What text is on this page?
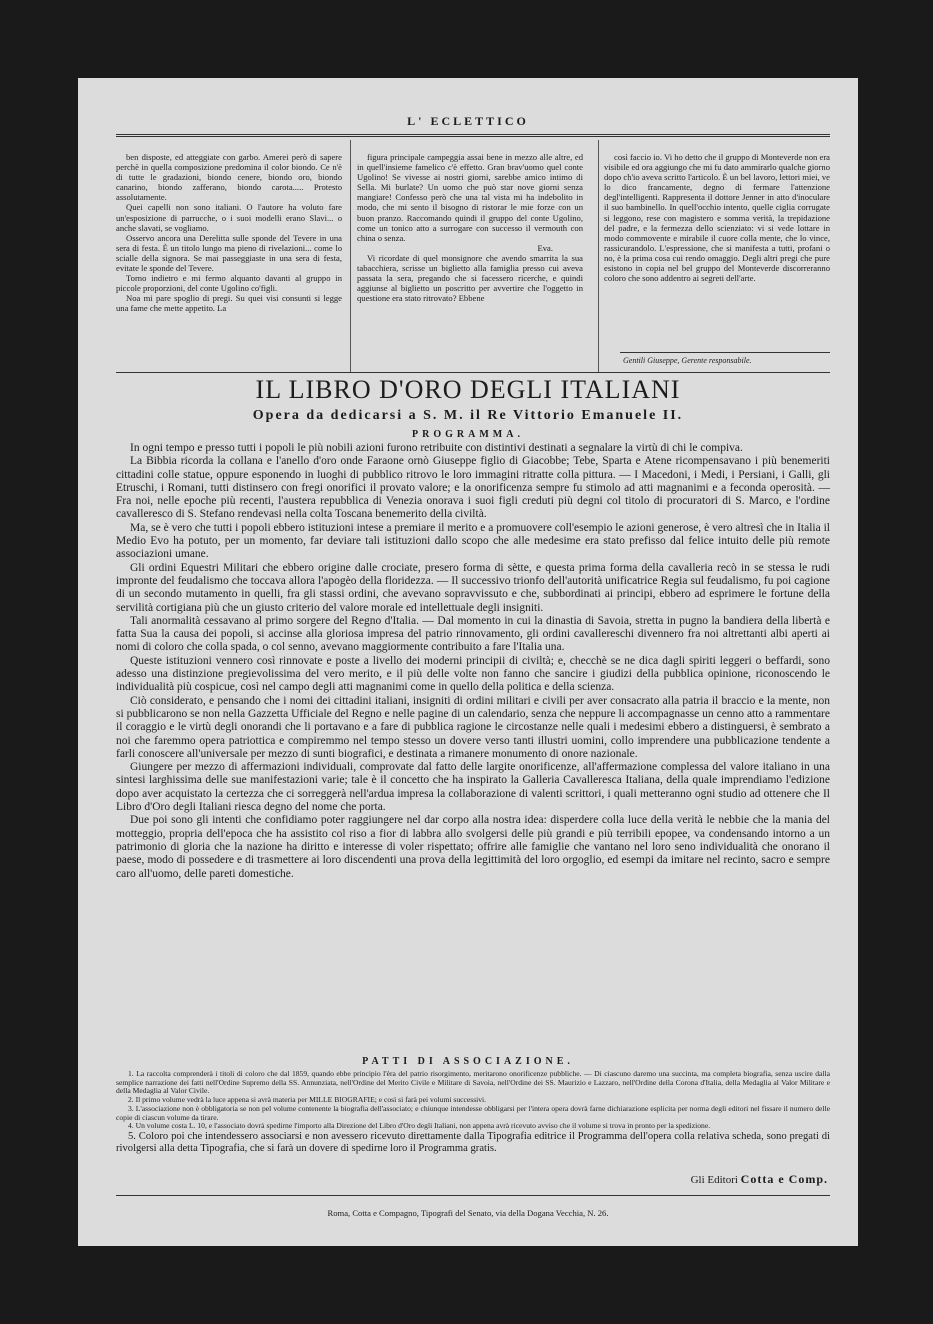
L' ECLETTICO

ben disposte, ed atteggiate con garbo. Amerei però di sapere perchè in quella composizione predomina il color biondo. Ce n'è di tutte le gradazioni, biondo cenere, biondo oro, biondo canarino, biondo zafferano, biondo carota..... Protesto assolutamente.

Quei capelli non sono italiani. O l'autore ha voluto fare un'esposizione di parrucche, o i suoi modelli erano Slavi... o anche slavati, se vogliamo.

Osservo ancora una Derelitta sulle sponde del Tevere in una sera di festa. È un titolo lungo ma pieno di rivelazioni... come lo scialle della signora. Se mai passeggiaste in una sera di festa, evitate le sponde del Tevere.

Torno indietro e mi fermo alquanto davanti al gruppo in piccole proporzioni, del conte Ugolino co'figli.

Noa mi pare spoglio di pregi. Su quei visi consunti si legge una fame che mette appetito. La

figura principale campeggia assai bene in mezzo alle altre, ed in quell'insieme famelico c'è effetto. Gran brav'uomo quel conte Ugolino! Se vivesse ai nostri giorni, sarebbe amico intimo di Sella. Mi burlate? Un uomo che può star nove giorni senza mangiare! Confesso però che una tal vista mi ha indebolito in modo, che mi sento il bisogno di ristorar le mie forze con un buon pranzo. Raccomando quindi il gruppo del conte Ugolino, come un tonico atto a surrogare con successo il vermouth con china o senza.

Eva.

Vi ricordate di quel monsignore che avendo smarrita la sua tabacchiera, scrisse un biglietto alla famiglia presso cui aveva passata la sera, pregando che si facessero ricerche, e quindi aggiunse al biglietto un poscritto per avvertire che l'oggetto in questione era stato ritrovato? Ebbene

così faccio io. Vi ho detto che il gruppo di Monteverde non era visibile ed ora aggiungo che mi fu dato ammirarlo qualche giorno dopo ch'io aveva scritto l'articolo. È un bel lavoro, lettori miei, ve lo dico francamente, degno di fermare l'attenzione degl'intelligenti. Rappresenta il dottore Jenner in atto d'inoculare il suo bambinello. In quell'occhio intento, quelle ciglia corrugate si leggono, rese con magistero e somma verità, la trepidazione del padre, e la fermezza dello scienziato: vi si vede lottare in modo commovente e mirabile il cuore colla mente, che lo vince, rassicurandolo. L'espressione, che si manifesta a tutti, profani o no, è la prima cosa cui rendo omaggio. Degli altri pregi che pure esistono in copia nel bel gruppo del Monteverde discorreranno coloro che sono addentro ai segreti dell'arte.

Gentili Giuseppe, Gerente responsabile.
IL LIBRO D'ORO DEGLI ITALIANI
Opera da dedicarsi a S. M. il Re Vittorio Emanuele II.
PROGRAMMA.

In ogni tempo e presso tutti i popoli le più nobili azioni furono retribuite con distintivi destinati a segnalare la virtù di chi le compiva.

La Bibbia ricorda la collana e l'anello d'oro onde Faraone ornò Giuseppe figlio di Giacobbe; Tebe, Sparta e Atene ricompensavano i più benemeriti cittadini colle statue, oppure esponendo in luoghi di pubblico ritrovo le loro immagini ritratte colla pittura. — I Macedoni, i Medi, i Persiani, i Galli, gli Etruschi, i Romani, tutti distinsero con fregi onorifici il provato valore; e la onorificenza sempre fu stimolo ad atti magnanimi e a feconda operosità. — Fra noi, nelle epoche più recenti, l'austera repubblica di Venezia onorava i suoi figli creduti più degni col titolo di procuratori di S. Marco, e l'ordine cavalleresco di S. Stefano rendevasi nella colta Toscana benemerito della civiltà.

Ma, se è vero che tutti i popoli ebbero istituzioni intese a premiare il merito e a promuovere coll'esempio le azioni generose, è vero altresì che in Italia il Medio Evo ha potuto, per un momento, far deviare tali istituzioni dallo scopo che alle medesime era stato prefisso dal felice intuito delle più remote associazioni umane.

Gli ordini Equestri Militari che ebbero origine dalle crociate, presero forma di sètte, e questa prima forma della cavalleria recò in se stessa le rudi impronte del feudalismo che toccava allora l'apogèo della floridezza. — Il successivo trionfo dell'autorità unificatrice Regia sul feudalismo, fu poi cagione di un secondo mutamento in quelli, fra gli stassi ordini, che avevano sopravvissuto e che, subbordinati ai principi, ebbero ad esprimere le fortune della servilità cortigiana più che un giusto criterio del valore morale ed intellettuale degli insigniti.

Tali anormalità cessavano al primo sorgere del Regno d'Italia. — Dal momento in cui la dinastia di Savoia, stretta in pugno la bandiera della libertà e fatta Sua la causa dei popoli, si accinse alla gloriosa impresa del patrio rinnovamento, gli ordini cavallereschi divennero fra noi altrettanti albi aperti ai nomi di coloro che colla spada, o col senno, avevano maggiormente contribuito a fare l'Italia una.

Queste istituzioni vennero così rinnovate e poste a livello dei moderni principii di civiltà; e, checchè se ne dica dagli spiriti leggeri o beffardi, sono adesso una distinzione pregievolissima del vero merito, e il più delle volte non fanno che sancire i giudizi della pubblica opinione, riconoscendo le individualità più cospicue, così nel campo degli atti magnanimi come in quello della politica e della scienza.

Ciò considerato, e pensando che i nomi dei cittadini italiani, insigniti di ordini militari e civili per aver consacrato alla patria il braccio e la mente, non si pubblicarono se non nella Gazzetta Ufficiale del Regno e nelle pagine di un calendario, senza che neppure li accompagnasse un cenno atto a rammentare il coraggio e le virtù degli onorandi che li portavano e a fare di pubblica ragione le circostanze nelle quali i medesimi ebbero a distinguersi, è sembrato a noi che faremmo opera patriottica e compiremmo nel tempo stesso un dovere verso tanti illustri uomini, collo imprendere una pubblicazione tendente a farli conoscere all'universale per mezzo di sunti biografici, e destinata a rimanere monumento di onore nazionale.

Giungere per mezzo di affermazioni individuali, comprovate dal fatto delle largite onorificenze, all'affermazione complessa del valore italiano in una sintesi larghissima delle sue manifestazioni varie; tale è il concetto che ha inspirato la Galleria Cavalleresca Italiana, della quale imprendiamo l'edizione dopo aver acquistato la certezza che ci sorreggerà nell'ardua impresa la collaborazione di valenti scrittori, i quali metteranno ogni studio ad ottenere che Il Libro d'Oro degli Italiani riesca degno del nome che porta.

Due poi sono gli intenti che confidiamo poter raggiungere nel dar corpo alla nostra idea: disperdere colla luce della verità le nebbie che la mania del motteggio, propria dell'epoca che ha assistito col riso a fior di labbra allo svolgersi delle più grandi e più terribili epopee, va condensando intorno a un patrimonio di gloria che la nazione ha diritto e interesse di voler rispettato; offrire alle famiglie che vantano nel loro seno individualità che onorano il paese, modo di possedere e di trasmettere ai loro discendenti una prova della legittimità del loro orgoglio, ed esempi da imitare nel recinto, sacro e sempre caro all'uomo, delle pareti domestiche.

PATTI DI ASSOCIAZIONE.

1. La raccolta comprenderà i titoli di coloro che dal 1859, quando ebbe principio l'èra del patrio risorgimento, meritarono onorificenze pubbliche. — Di ciascuno daremo una succinta, ma completa biografia, senza uscire dalla semplice narrazione dei fatti nell'Ordine Supremo della SS. Annunziata, nell'Ordine del Merito Civile e Militare di Savoia, nell'Ordine dei SS. Maurizio e Lazzaro, nell'Ordine della Corona d'Italia, della Medaglia al Valor Militare e della Medaglia al Valor Civile.

2. Il primo volume vedrà la luce appena si avrà materia per MILLE BIOGRAFIE; e così si farà pei volumi successivi.

3. L'associazione non è obbligatoria se non pel volume contenente la biografia dell'associato; e chiunque intendesse obbligarsi per l'intera opera dovrà farne dichiarazione esplicita per norma degli editori nel fissare il numero delle copie di ciascun volume da tirare.

4. Un volume costa L. 10, e l'associato dovrà spedirne l'importo alla Direzione del Libro d'Oro degli Italiani, non appena avrà ricevuto avviso che il volume si trova in pronto per la spedizione.

5. Coloro poi che intendessero associarsi e non avessero ricevuto direttamente dalla Tipografia editrice il Programma dell'opera colla relativa scheda, sono pregati di rivolgersi alla detta Tipografia, che si farà un dovere di spedirne loro il Programma gratis.

Gli Editori Cotta e Comp.
Roma, Cotta e Compagno, Tipografi del Senato, via della Dogana Vecchia, N. 26.
